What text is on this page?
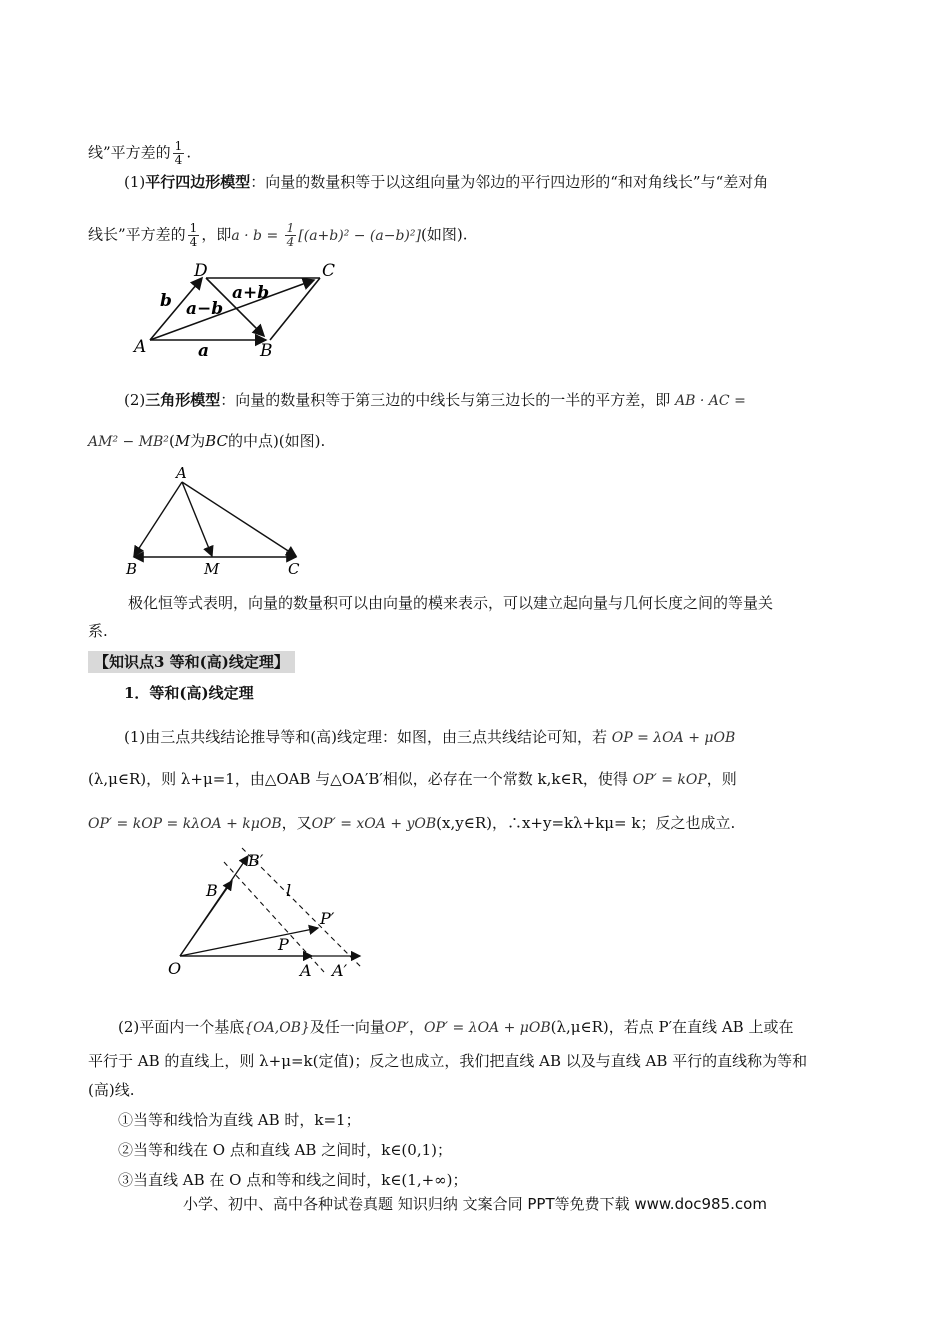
线”平方差的 $\frac{1}{4}$ .
(1)平行四边形模型：向量的数量积等于以这组向量为邻边的平行四边形的“和对角线长”与“差对角
线长”平方差的 $\frac{1}{4}$ ，即$a \cdot b = \frac{1}{4} [(a+b)^2 - (a-b)^2]$(如图).
A	B
C
D
a
b	a+b
a−b
(2)三角形模型：向量的数量积等于第三边的中线长与第三边长的一半的平方差，即 AB · AC =
AM² − MB²(M为BC的中点)(如图).
A
B	M	C
极化恒等式表明，向量的数量积可以由向量的模来表示，可以建立起向量与几何长度之间的等量关
系.
【知识点3 等和(高)线定理】
1．等和(高)线定理
(1)由三点共线结论推导等和(高)线定理：如图，由三点共线结论可知，若 OP = λOA + μOB
(λ,μ∈R)，则 λ+μ=1，由△OAB 与△OA′B′相似，必存在一个常数 k,k∈R，使得 OP′ = kOP，则
OP′ = kOP = kλOA + kμOB，又OP′ = xOA + yOB(x,y∈R)，∴x+y=kλ+kμ= k；反之也成立.
O	A A′
B
B′
P
P′
l
(2)平面内一个基底{OA,OB}及任一向量OP′，OP′ = λOA + μOB(λ,μ∈R)，若点 P′在直线 AB 上或在
平行于 AB 的直线上，则 λ+μ=k(定值)；反之也成立，我们把直线 AB 以及与直线 AB 平行的直线称为等和
(高)线.
①当等和线恰为直线 AB 时，k=1；
②当等和线在 O 点和直线 AB 之间时，k∈(0,1)；
③当直线 AB 在 O 点和等和线之间时，k∈(1,+∞)；
小学、初中、高中各种试卷真题 知识归纳 文案合同 PPT等免费下载 www.doc985.com
